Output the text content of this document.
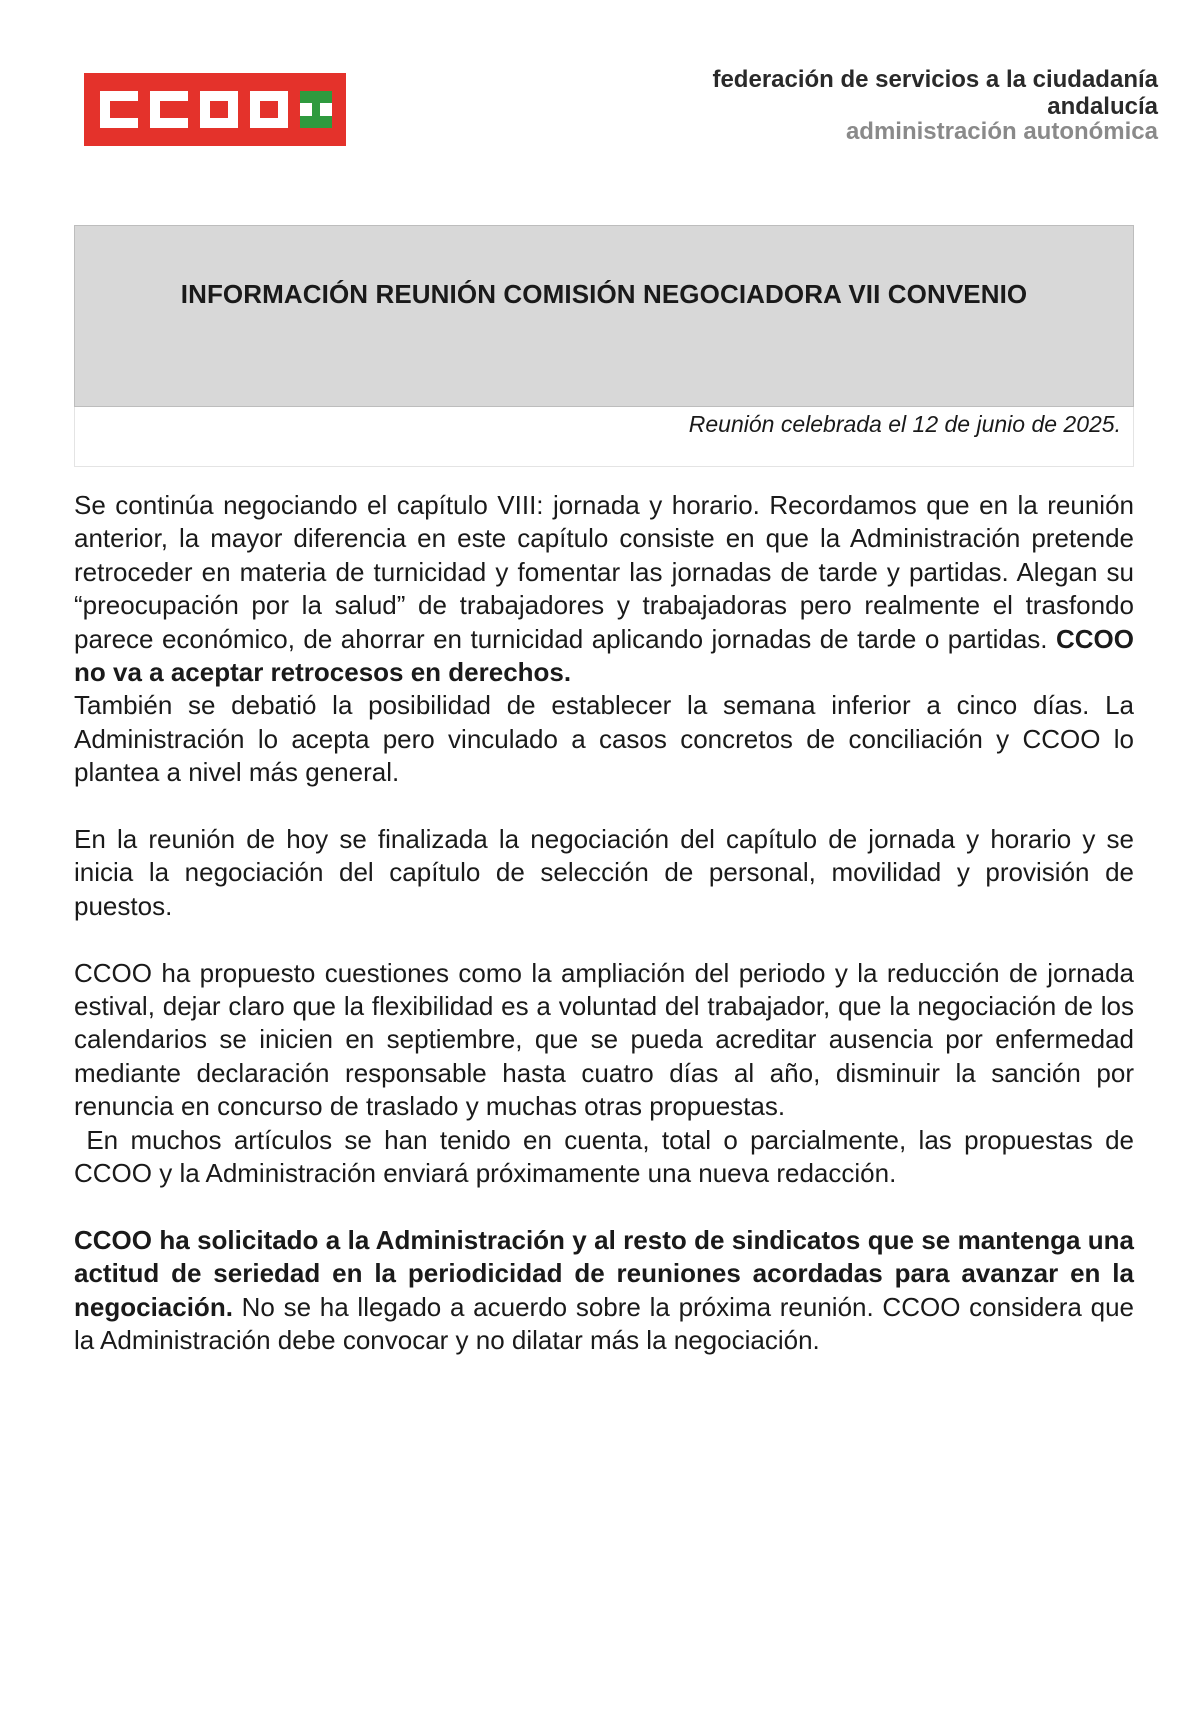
federación de servicios a la ciudadanía
andalucía
administración autonómica
INFORMACIÓN REUNIÓN COMISIÓN NEGOCIADORA VII CONVENIO
Reunión celebrada el 12 de junio de 2025.

Se continúa negociando el capítulo VIII: jornada y horario. Recordamos que en la reunión anterior, la mayor diferencia en este capítulo consiste en que la Administración pretende retroceder en materia de turnicidad y fomentar las jornadas de tarde y partidas. Alegan su “preocupación por la salud” de trabajadores y trabajadoras pero realmente el trasfondo parece económico, de ahorrar en turnicidad aplicando jornadas de tarde o partidas. CCOO no va a aceptar retrocesos en derechos.

También se debatió la posibilidad de establecer la semana inferior a cinco días. La Administración lo acepta pero vinculado a casos concretos de conciliación y CCOO lo plantea a nivel más general.

En la reunión de hoy se finalizada la negociación del capítulo de jornada y horario y se inicia la negociación del capítulo de selección de personal, movilidad y provisión de puestos.

CCOO ha propuesto cuestiones como la ampliación del periodo y la reducción de jornada estival, dejar claro que la flexibilidad es a voluntad del trabajador, que la negociación de los calendarios se inicien en septiembre, que se pueda acreditar ausencia por enfermedad mediante declaración responsable hasta cuatro días al año, disminuir la sanción por renuncia en concurso de traslado y muchas otras propuestas.

En muchos artículos se han tenido en cuenta, total o parcialmente, las propuestas de CCOO y la Administración enviará próximamente una nueva redacción.

CCOO ha solicitado a la Administración y al resto de sindicatos que se mantenga una actitud de seriedad en la periodicidad de reuniones acordadas para avanzar en la negociación. No se ha llegado a acuerdo sobre la próxima reunión. CCOO considera que la Administración debe convocar y no dilatar más la negociación.
